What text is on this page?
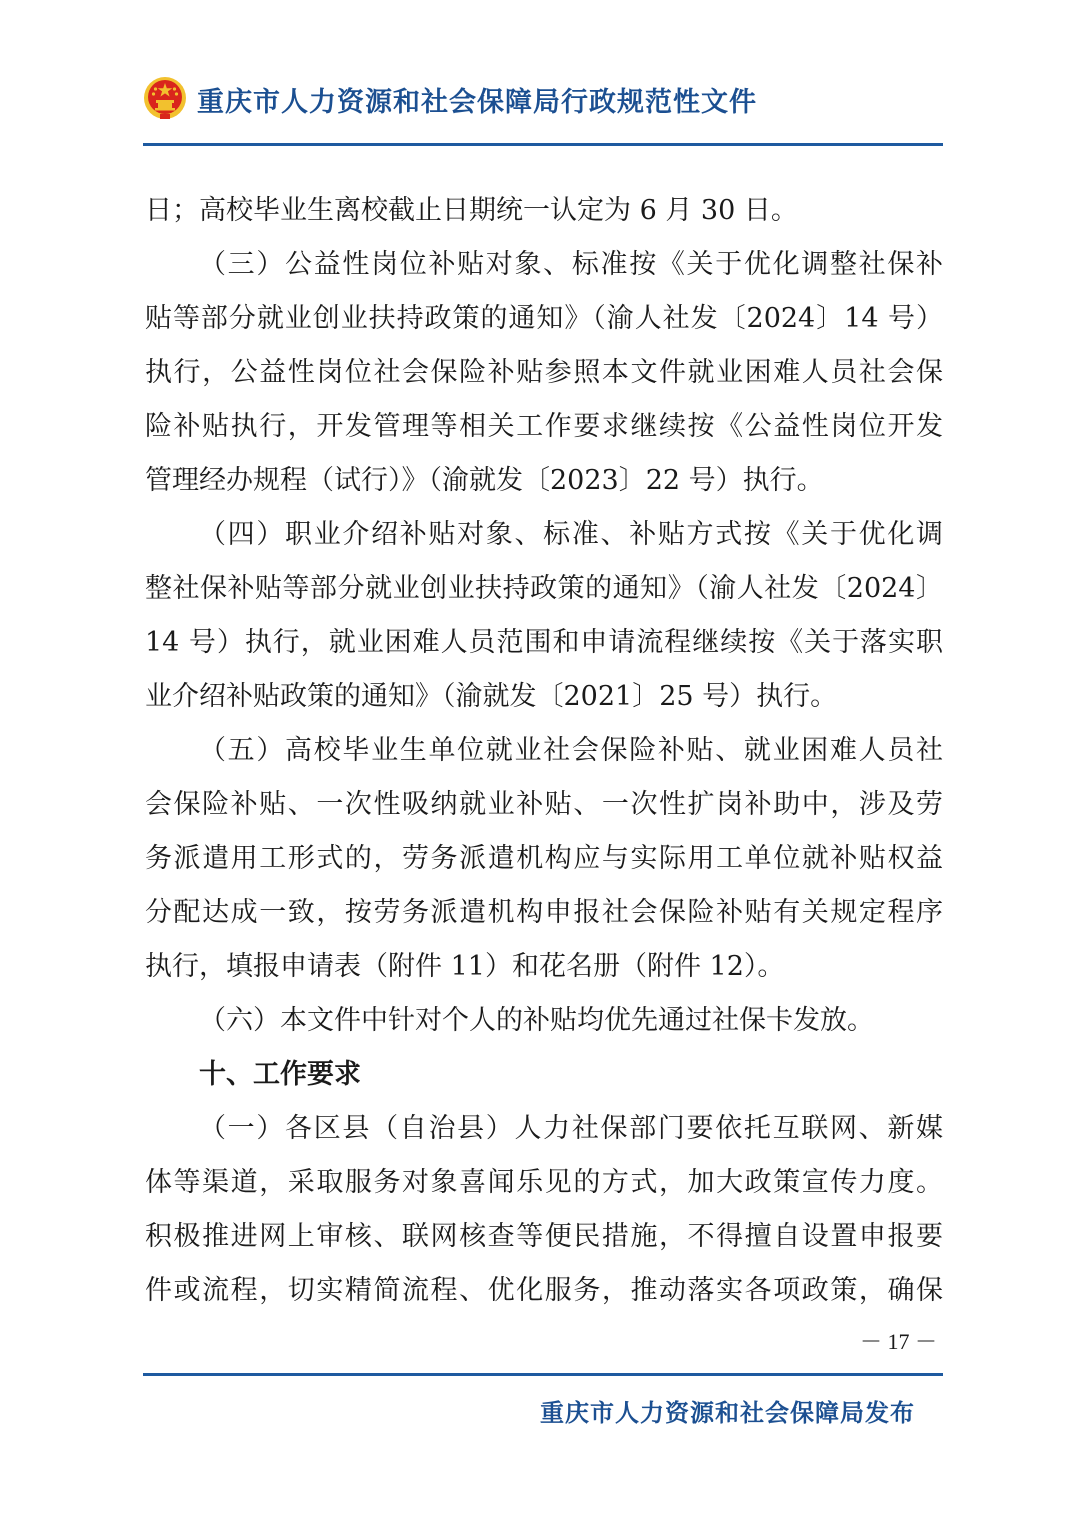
重庆市人力资源和社会保障局行政规范性文件
日；高校毕业生离校截止日期统一认定为 6 月 30 日。
（三）公益性岗位补贴对象、标准按《关于优化调整社保补
贴等部分就业创业扶持政策的通知》（渝人社发〔2024〕14 号）
执行，公益性岗位社会保险补贴参照本文件就业困难人员社会保
险补贴执行，开发管理等相关工作要求继续按《公益性岗位开发
管理经办规程（试行）》（渝就发〔2023〕22 号）执行。
（四）职业介绍补贴对象、标准、补贴方式按《关于优化调
整社保补贴等部分就业创业扶持政策的通知》（渝人社发〔2024〕
14 号）执行，就业困难人员范围和申请流程继续按《关于落实职
业介绍补贴政策的通知》（渝就发〔2021〕25 号）执行。
（五）高校毕业生单位就业社会保险补贴、就业困难人员社
会保险补贴、一次性吸纳就业补贴、一次性扩岗补助中，涉及劳
务派遣用工形式的，劳务派遣机构应与实际用工单位就补贴权益
分配达成一致，按劳务派遣机构申报社会保险补贴有关规定程序
执行，填报申请表（附件 11）和花名册（附件 12）。
（六）本文件中针对个人的补贴均优先通过社保卡发放。
十、工作要求
（一）各区县（自治县）人力社保部门要依托互联网、新媒
体等渠道，采取服务对象喜闻乐见的方式，加大政策宣传力度。
积极推进网上审核、联网核查等便民措施，不得擅自设置申报要
件或流程，切实精简流程、优化服务，推动落实各项政策，确保
－ 17 －
重庆市人力资源和社会保障局发布
